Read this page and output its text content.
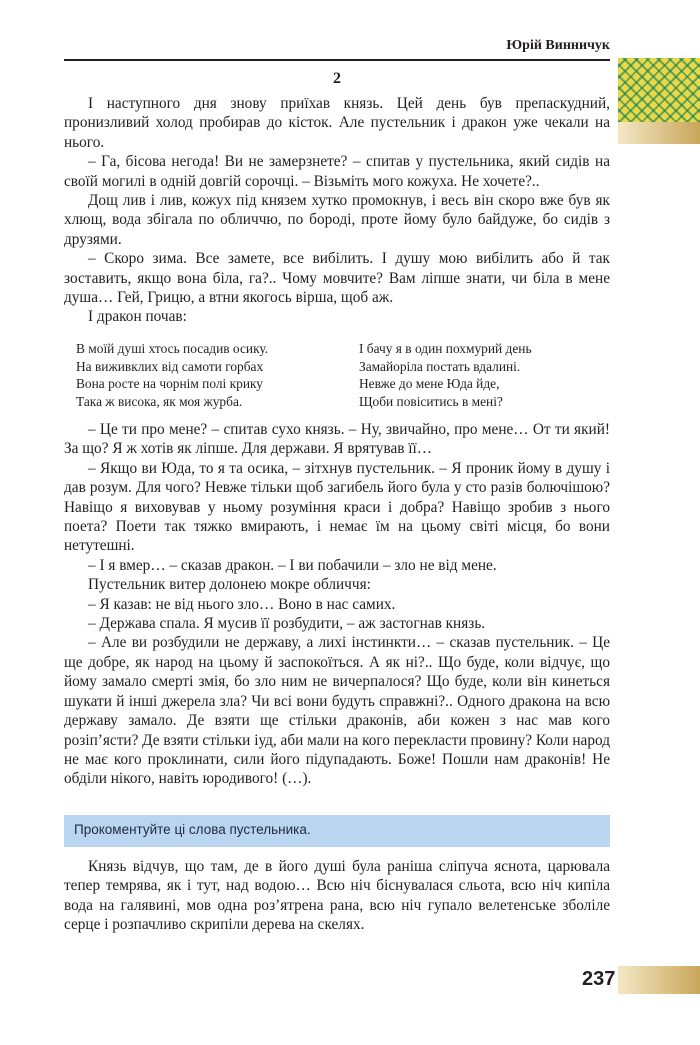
Юрій Винничук
2

І наступного дня знову приїхав князь. Цей день був препаскудний, пронизливий холод пробирав до кісток. Але пустельник і дракон уже чекали на нього.

– Га, бісова негода! Ви не замерзнете? – спитав у пустельника, який сидів на своїй могилі в одній довгій сорочці. – Візьміть мого кожуха. Не хочете?..

Дощ лив і лив, кожух під князем хутко промокнув, і весь він скоро вже був як хлющ, вода збігала по обличчю, по бороді, проте йому було байдуже, бо сидів з друзями.

– Скоро зима. Все замете, все вибілить. І душу мою вибілить або й так зоставить, якщо вона біла, га?.. Чому мовчите? Вам ліпше знати, чи біла в мене душа… Гей, Грицю, а втни якогось вірша, щоб аж.

І дракон почав:

В моїй душі хтось посадив осику.
На виживклих від самоти горбах
Вона росте на чорнім полі крику
Така ж висока, як моя журба.
І бачу я в один похмурий день
Замайоріла постать вдалині.
Невже до мене Юда йде,
Щоби повіситись в мені?

– Це ти про мене? – спитав сухо князь. – Ну, звичайно, про мене… От ти який! За що? Я ж хотів як ліпше. Для держави. Я врятував її…

– Якщо ви Юда, то я та осика, – зітхнув пустельник. – Я проник йому в душу і дав розум. Для чого? Невже тільки щоб загибель його була у сто разів болючішою? Навіщо я виховував у ньому розуміння краси і добра? Навіщо зробив з нього поета? Поети так тяжко вмирають, і немає їм на цьому світі місця, бо вони нетутешні.

– І я вмер… – сказав дракон. – І ви побачили – зло не від мене.

Пустельник витер долонею мокре обличчя:

– Я казав: не від нього зло… Воно в нас самих.

– Держава спала. Я мусив її розбудити, – аж застогнав князь.

– Але ви розбудили не державу, а лихі інстинкти… – сказав пустельник. – Це ще добре, як народ на цьому й заспокоїться. А як ні?.. Що буде, коли відчує, що йому замало смерті змія, бо зло ним не вичерпалося? Що буде, коли він кинеться шукати й інші джерела зла? Чи всі вони будуть справжні?.. Одного дракона на всю державу замало. Де взяти ще стільки драконів, аби кожен з нас мав кого розіп’ясти? Де взяти стільки іуд, аби мали на кого перекласти провину? Коли народ не має кого проклинати, сили його підупадають. Боже! Пошли нам драконів! Не обділи нікого, навіть юродивого! (…).

Прокоментуйте ці слова пустельника.

Князь відчув, що там, де в його душі була раніша сліпуча яснота, царювала тепер темрява, як і тут, над водою… Всю ніч біснувалася сльота, всю ніч кипіла вода на галявині, мов одна роз’ятрена рана, всю ніч гупало велетенське зболіле серце і розпачливо скрипіли дерева на скелях.

237
